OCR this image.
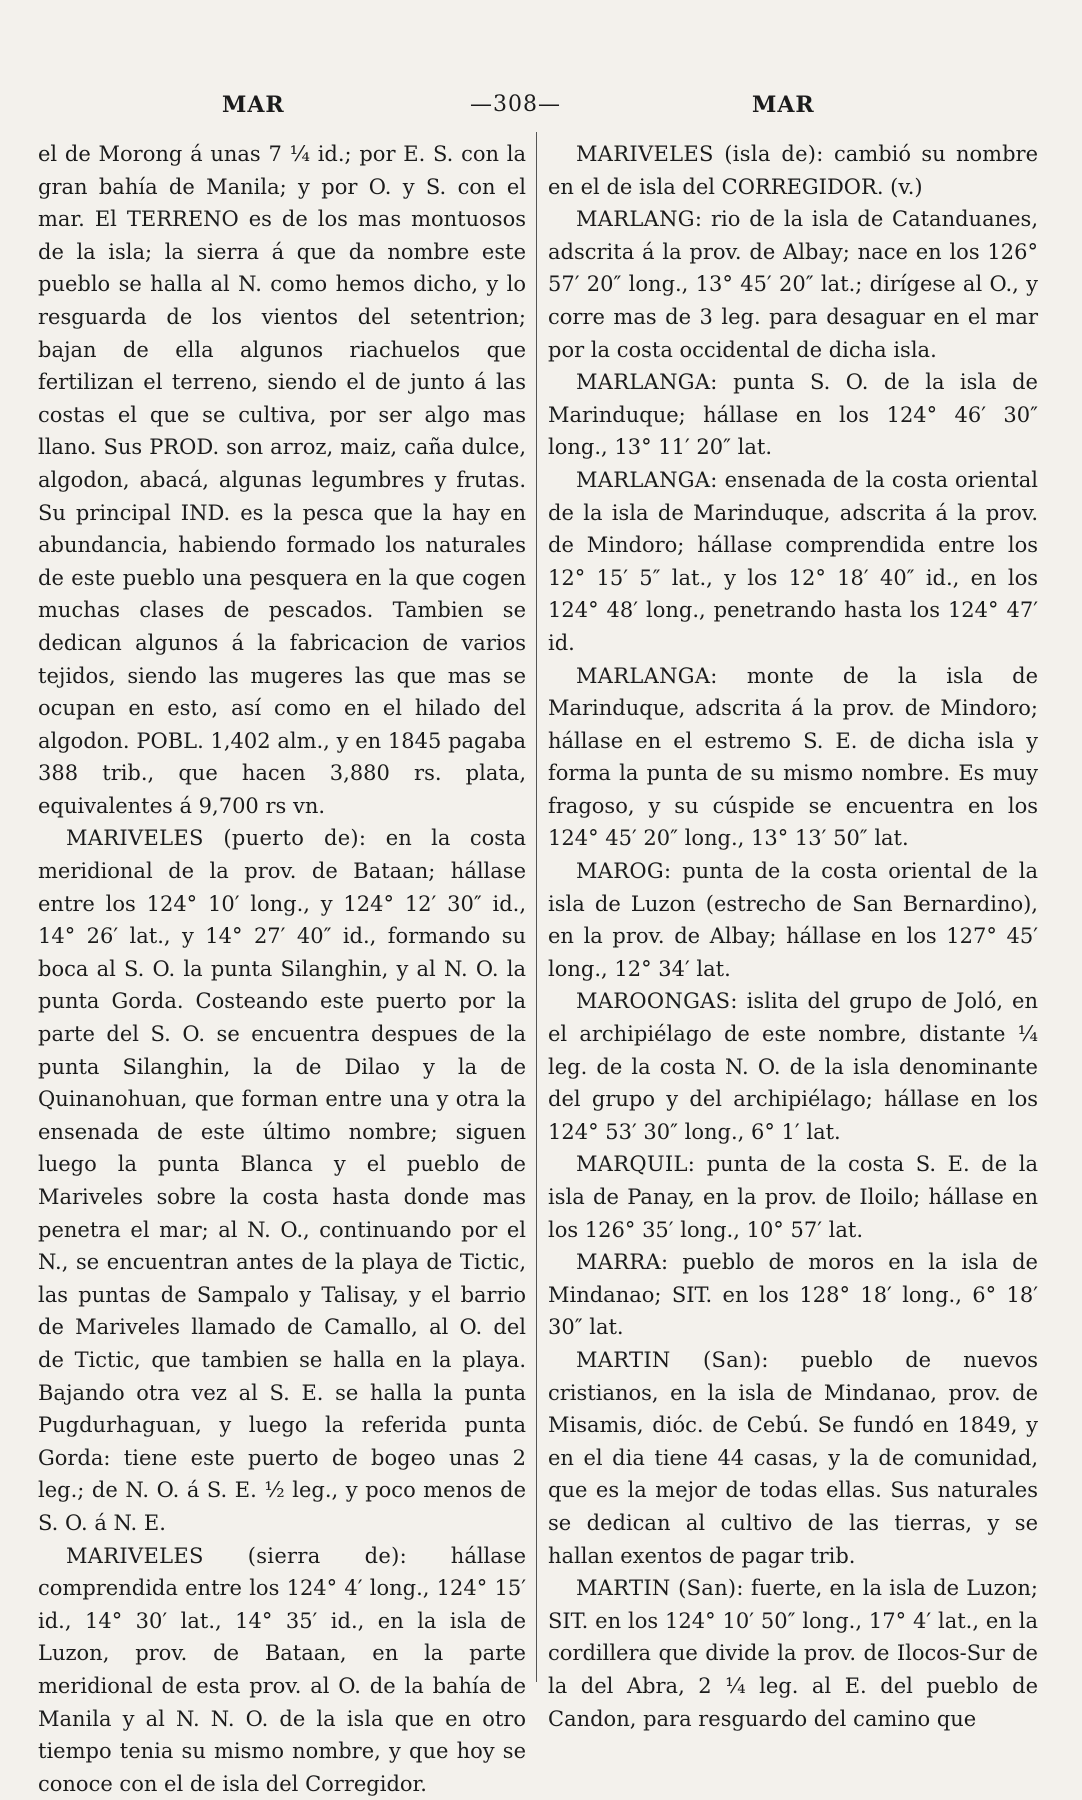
MAR	—308—	MAR

el de Morong á unas 7 ¼ id.; por E. S. con la gran bahía de Manila; y por O. y S. con el mar. El TERRENO es de los mas montuosos de la isla; la sierra á que da nombre este pueblo se halla al N. como hemos dicho, y lo resguarda de los vientos del setentrion; bajan de ella algunos riachuelos que fertilizan el terreno, siendo el de junto á las costas el que se cultiva, por ser algo mas llano. Sus PROD. son arroz, maiz, caña dulce, algodon, abacá, algunas legumbres y frutas. Su principal IND. es la pesca que la hay en abundancia, habiendo formado los naturales de este pueblo una pesquera en la que cogen muchas clases de pescados. Tambien se dedican algunos á la fabricacion de varios tejidos, siendo las mugeres las que mas se ocupan en esto, así como en el hilado del algodon. POBL. 1,402 alm., y en 1845 pagaba 388 trib., que hacen 3,880 rs. plata, equivalentes á 9,700 rs vn.

MARIVELES (puerto de): en la costa meridional de la prov. de Bataan; hállase entre los 124° 10′ long., y 124° 12′ 30″ id., 14° 26′ lat., y 14° 27′ 40″ id., formando su boca al S. O. la punta Silanghin, y al N. O. la punta Gorda. Costeando este puerto por la parte del S. O. se encuentra despues de la punta Silanghin, la de Dilao y la de Quinanohuan, que forman entre una y otra la ensenada de este último nombre; siguen luego la punta Blanca y el pueblo de Mariveles sobre la costa hasta donde mas penetra el mar; al N. O., continuando por el N., se encuentran antes de la playa de Tictic, las puntas de Sampalo y Talisay, y el barrio de Mariveles llamado de Camallo, al O. del de Tictic, que tambien se halla en la playa. Bajando otra vez al S. E. se halla la punta Pugdurhaguan, y luego la referida punta Gorda: tiene este puerto de bogeo unas 2 leg.; de N. O. á S. E. ½ leg., y poco menos de S. O. á N. E.

MARIVELES (sierra de): hállase comprendida entre los 124° 4′ long., 124° 15′ id., 14° 30′ lat., 14° 35′ id., en la isla de Luzon, prov. de Bataan, en la parte meridional de esta prov. al O. de la bahía de Manila y al N. N. O. de la isla que en otro tiempo tenia su mismo nombre, y que hoy se conoce con el de isla del Corregidor.

MARIVELES (isla de): cambió su nombre en el de isla del CORREGIDOR. (v.)

MARLANG: rio de la isla de Catanduanes, adscrita á la prov. de Albay; nace en los 126° 57′ 20″ long., 13° 45′ 20″ lat.; dirígese al O., y corre mas de 3 leg. para desaguar en el mar por la costa occidental de dicha isla.

MARLANGA: punta S. O. de la isla de Marinduque; hállase en los 124° 46′ 30″ long., 13° 11′ 20″ lat.

MARLANGA: ensenada de la costa oriental de la isla de Marinduque, adscrita á la prov. de Mindoro; hállase comprendida entre los 12° 15′ 5″ lat., y los 12° 18′ 40″ id., en los 124° 48′ long., penetrando hasta los 124° 47′ id.

MARLANGA: monte de la isla de Marinduque, adscrita á la prov. de Mindoro; hállase en el estremo S. E. de dicha isla y forma la punta de su mismo nombre. Es muy fragoso, y su cúspide se encuentra en los 124° 45′ 20″ long., 13° 13′ 50″ lat.

MAROG: punta de la costa oriental de la isla de Luzon (estrecho de San Bernardino), en la prov. de Albay; hállase en los 127° 45′ long., 12° 34′ lat.

MAROONGAS: islita del grupo de Joló, en el archipiélago de este nombre, distante ¼ leg. de la costa N. O. de la isla denominante del grupo y del archipiélago; hállase en los 124° 53′ 30″ long., 6° 1′ lat.

MARQUIL: punta de la costa S. E. de la isla de Panay, en la prov. de Iloilo; hállase en los 126° 35′ long., 10° 57′ lat.

MARRA: pueblo de moros en la isla de Mindanao; SIT. en los 128° 18′ long., 6° 18′ 30″ lat.

MARTIN (San): pueblo de nuevos cristianos, en la isla de Mindanao, prov. de Misamis, dióc. de Cebú. Se fundó en 1849, y en el dia tiene 44 casas, y la de comunidad, que es la mejor de todas ellas. Sus naturales se dedican al cultivo de las tierras, y se hallan exentos de pagar trib.

MARTIN (San): fuerte, en la isla de Luzon; SIT. en los 124° 10′ 50″ long., 17° 4′ lat., en la cordillera que divide la prov. de Ilocos-Sur de la del Abra, 2 ¼ leg. al E. del pueblo de Candon, para resguardo del camino que
